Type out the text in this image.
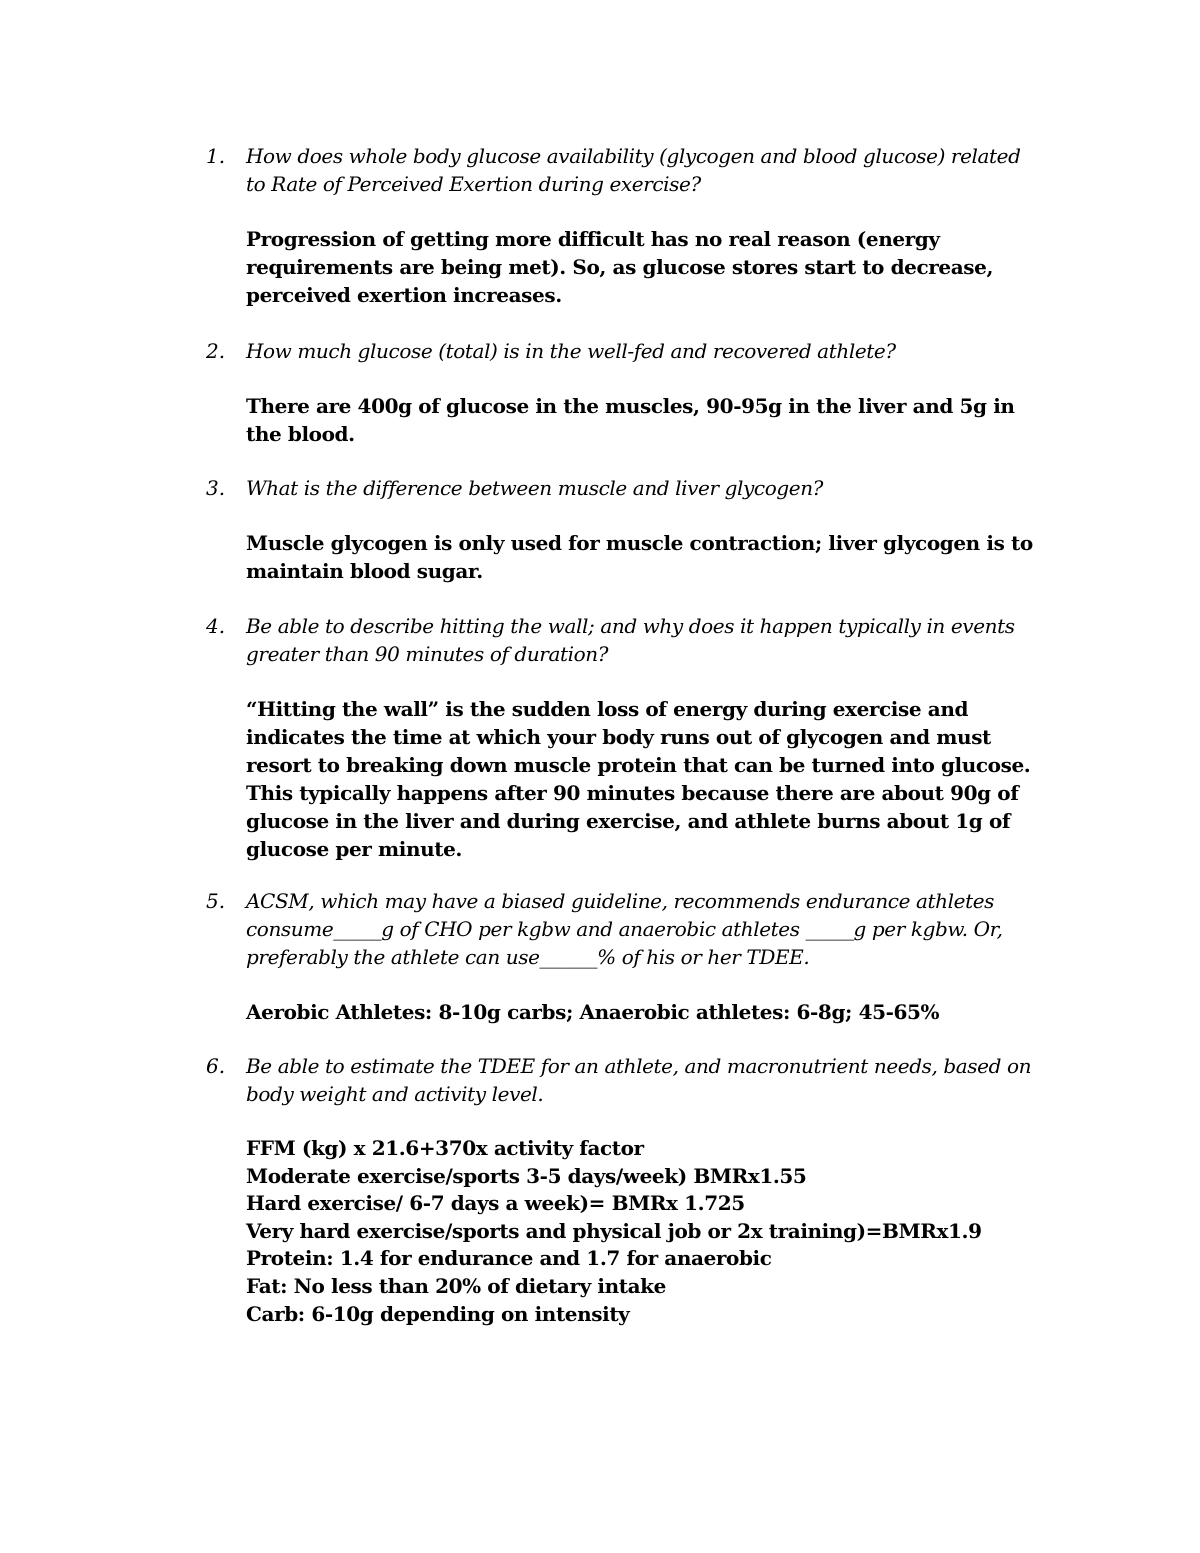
1.	How does whole body glucose availability (glycogen and blood glucose) related
to Rate of Perceived Exertion during exercise?

Progression of getting more difficult has no real reason (energy
requirements are being met). So, as glucose stores start to decrease,
perceived exertion increases.

2.	How much glucose (total) is in the well-fed and recovered athlete?

There are 400g of glucose in the muscles, 90-95g in the liver and 5g in
the blood.

3.	What is the difference between muscle and liver glycogen?

Muscle glycogen is only used for muscle contraction; liver glycogen is to
maintain blood sugar.

4.	Be able to describe hitting the wall; and why does it happen typically in events
greater than 90 minutes of duration?

“Hitting the wall” is the sudden loss of energy during exercise and
indicates the time at which your body runs out of glycogen and must
resort to breaking down muscle protein that can be turned into glucose.
This typically happens after 90 minutes because there are about 90g of
glucose in the liver and during exercise, and athlete burns about 1g of
glucose per minute.

5.	ACSM, which may have a biased guideline, recommends endurance athletes
consume_____g of CHO per kgbw and anaerobic athletes _____g per kgbw. Or,
preferably the athlete can use______% of his or her TDEE.

Aerobic Athletes: 8-10g carbs; Anaerobic athletes: 6-8g; 45-65%

6.	Be able to estimate the TDEE for an athlete, and macronutrient needs, based on
body weight and activity level.

FFM (kg) x 21.6+370x activity factor
Moderate exercise/sports 3-5 days/week) BMRx1.55
Hard exercise/ 6-7 days a week)= BMRx 1.725
Very hard exercise/sports and physical job or 2x training)=BMRx1.9
Protein: 1.4 for endurance and 1.7 for anaerobic
Fat: No less than 20% of dietary intake
Carb: 6-10g depending on intensity
